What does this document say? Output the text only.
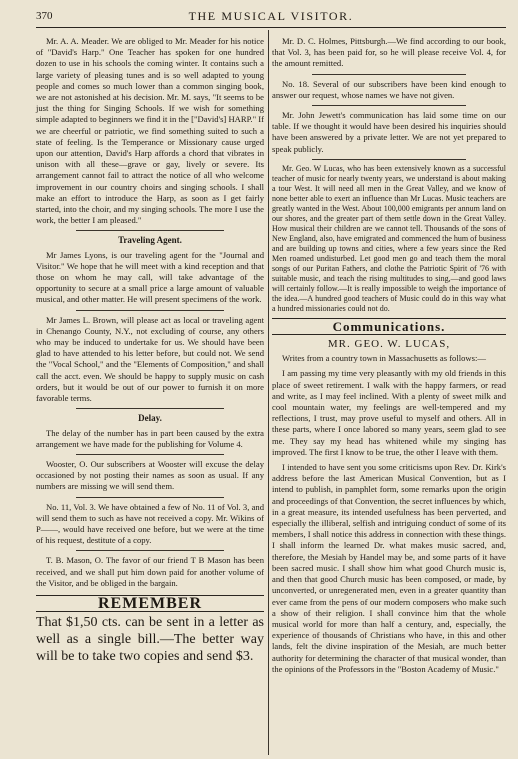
370	THE MUSICAL VISITOR.

Mr. A. A. Meader. We are obliged to Mr. Meader for his notice of "David's Harp." One Teacher has spoken for one hundred dozen to use in his schools the coming winter. It contains such a large variety of pleasing tunes and is so well adapted to young people and comes so much lower than a common singing book, we are not astonished at his decision. Mr. M. says, "It seems to be just the thing for Singing Schools. If we wish for something simple adapted to beginners we find it in the ["David's] HARP." If we are cheerful or patriotic, we find something suited to such a state of feeling. Is the Temperance or Missionary cause urged upon our attention, David's Harp affords a chord that vibrates in unison with all these—grave or gay, lively or severe. Its arrangement cannot fail to attract the notice of all who welcome improvement in our country choirs and singing schools. I shall make an effort to introduce the Harp, as soon as I get fairly started, into the choir, and my singing schools. The more I use the work, the better I am pleased."

Traveling Agent.

Mr James Lyons, is our traveling agent for the "Journal and Visitor." We hope that he will meet with a kind reception and that those on whom he may call, will take advantage of the opportunity to secure at a small price a large amount of valuable musical, and other matter. He will present specimens of the work.

Mr James L. Brown, will please act as local or traveling agent in Chenango County, N.Y., not excluding of course, any others who may be induced to undertake for us. We should have been glad to have attended to his letter before, but could not. We send the "Vocal School," and the "Elements of Composition," and shall call the acct. even. We should be happy to supply music on cash orders, but it would be out of our power to furnish it on more favorable terms.

Delay.

The delay of the number has in part been caused by the extra arrangement we have made for the publishing for Volume 4.

Wooster, O. Our subscribers at Wooster will excuse the delay occasioned by not posting their names as soon as usual. If any numbers are missing we will send them.

No. 11, Vol. 3. We have obtained a few of No. 11 of Vol. 3, and will send them to such as have not received a copy. Mr. Wikins of P——, would have received one before, but we were at the time of his request, destitute of a copy.

T. B. Mason, O. The favor of our friend T B Mason has been received, and we shall put him down paid for another volume of the Visitor, and be obliged in the bargain.

REMEMBER

That $1,50 cts. can be sent in a letter as well as a single bill.—The better way will be to take two copies and send $3.

Mr. D. C. Holmes, Pittsburgh.—We find according to our book, that Vol. 3, has been paid for, so he will please receive Vol. 4, for the amount remitted.

No. 18. Several of our subscribers have been kind enough to answer our request, whose names we have not given.

Mr. John Jewett's communication has laid some time on our table. If we thought it would have been desired his inquiries should have been answered by a private letter. We are not yet prepared to speak publicly.

Mr. Geo. W Lucas, who has been extensively known as a successful teacher of music for nearly twenty years, we understand is about making a tour West. It will need all men in the Great Valley, and we know of none better able to exert an influence than Mr Lucas. Music teachers are greatly wanted in the West. About 100,000 emigrants per annum land on our shores, and the greater part of them settle down in the Great Valley. How musical their children are we cannot tell. Thousands of the sons of New England, also, have emigrated and commenced the hum of business and are building up towns and cities, where a few years since the Red Men roamed undisturbed. Let good men go and teach them the moral songs of our Puritan Fathers, and clothe the Patriotic Spirit of '76 with suitable music, and teach the rising multitudes to sing,—and good laws will certainly follow.—It is really impossible to weigh the importance of the idea.—A hundred good teachers of Music could do in this way what a hundred missionaries could not do.

Communications.
MR. GEO. W. LUCAS,

Writes from a country town in Massachusetts as follows:—

I am passing my time very pleasantly with my old friends in this place of sweet retirement. I walk with the happy farmers, or read and write, as I may feel inclined. With a plenty of sweet milk and cool mountain water, my feelings are well-tempered and my reflections, I trust, may prove useful to myself and others. All in these parts, where I once labored so many years, seem glad to see me. They say my head has whitened while my singing has improved. The first I know to be true, the other I leave with them.

I intended to have sent you some criticisms upon Rev. Dr. Kirk's address before the last American Musical Convention, but as I intend to publish, in pamphlet form, some remarks upon the origin and proceedings of that Convention, the secret influences by which, in a great measure, its intended usefulness has been perverted, and especially the illiberal, selfish and intriguing conduct of some of its members, I shall notice this address in connection with these things. I shall inform the learned Dr. what makes music sacred, and, therefore, the Mesiah by Handel may be, and some parts of it have been sacred music. I shall show him what good Church music is, and then that good Church music has been composed, or made, by unconverted, or unregenerated men, even in a greater quantity than ever came from the pens of our modern composers who make such a show of their religion. I shall convince him that the whole musical world for more than half a century, and, especially, the experience of thousands of Christians who have, in this and other lands, felt the divine inspiration of the Mesiah, are much better authority for determining the character of that musical wonder, than the opinions of the Professors in the "Boston Academy of Music."
